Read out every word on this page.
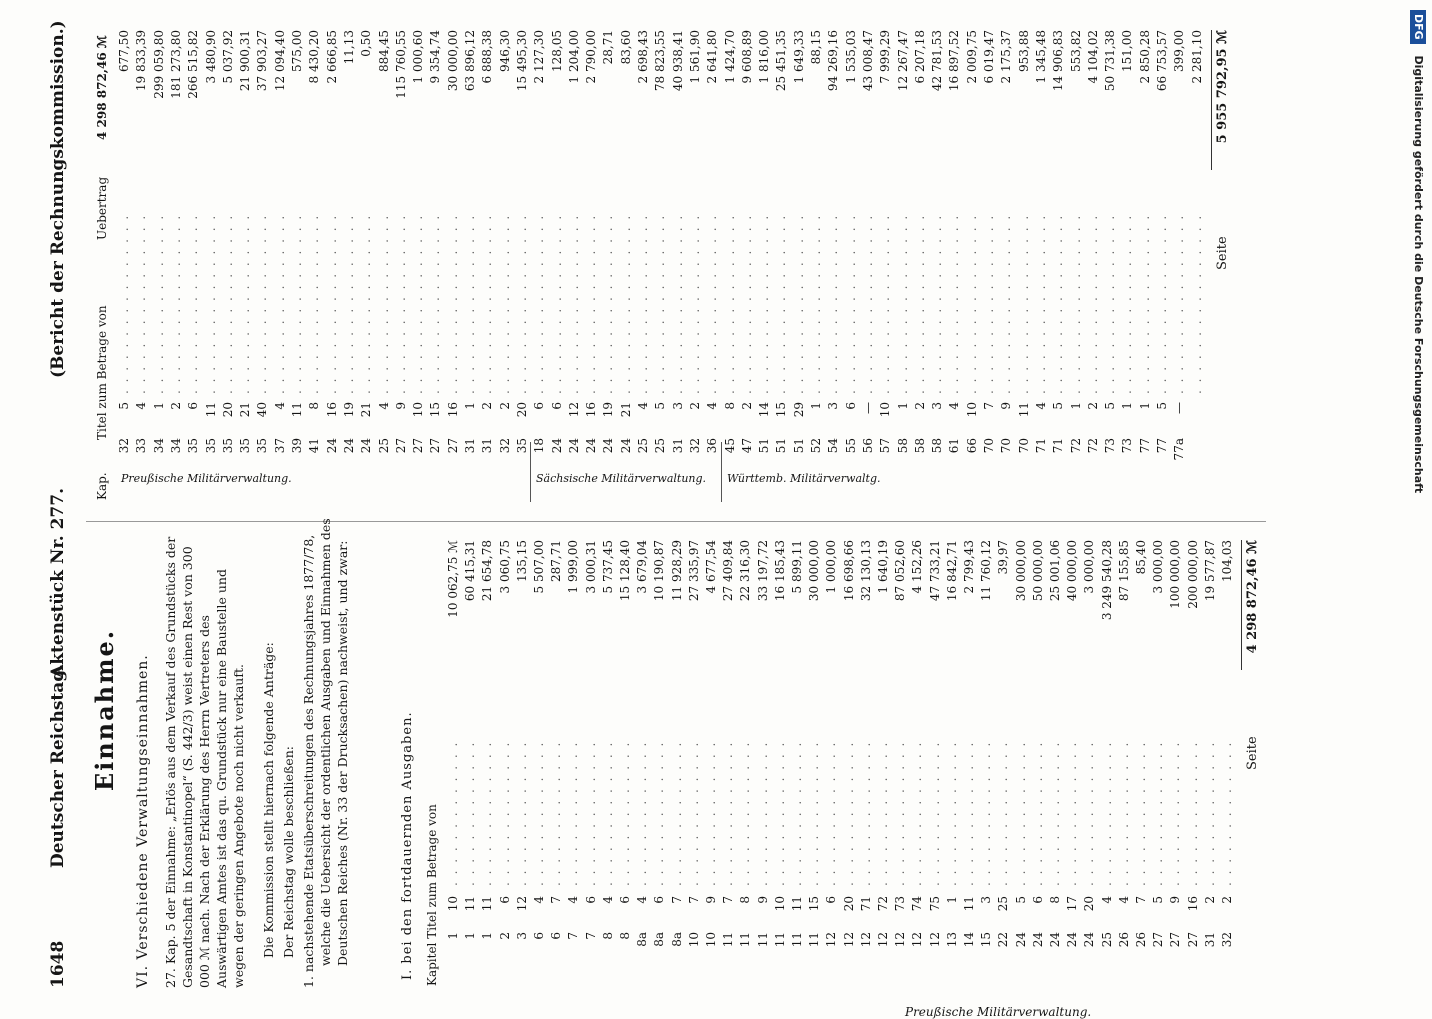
1648
Deutscher Reichstag.
Aktenstück Nr. 277.
(Bericht der Rechnungskommission.)
Einnahme. VI. Verschiedene Verwaltungseinnahmen. 27. Kap. 5 der Einnahme: „Erlös aus dem Verkauf des Grundstücks der Gesandtschaft in Konstantinopel“ (S. 442/3) weist einen Rest von 300 000 ℳ nach. Nach der Erklärung des Herrn Vertreters des Auswärtigen Amtes ist das qu. Grundstück nur eine Baustelle und wegen der geringen Angebote noch nicht verkauft. Die Kommission stellt hiernach folgende Anträge: Der Reichstag wolle beschließen: 1. nachstehende Etatsüberschreitungen des Rechnungsjahres 1877/78, welche die Uebersicht der ordentlichen Ausgaben und Einnahmen des Deutschen Reiches (Nr. 33 der Drucksachen) nachweist, und zwar:	I. bei den fortdauernden Ausgaben. Kapitel Titel zum Betrage von 1
10
. . . . . . . . . . . . .
10 062,75 ℳ
1
11
. . . . . . . . . . . . .
60 415,31
1
11
. . . . . . . . . . . . .
21 654,78
2
6
. . . . . . . . . . . . .
3 060,75
3
12
. . . . . . . . . . . . .
135,15
6
4
. . . . . . . . . . . . .
5 507,00
6
7
. . . . . . . . . . . . .
287,71
7
4
. . . . . . . . . . . . .
1 999,00
7
6
. . . . . . . . . . . . .
3 000,31
8
4
. . . . . . . . . . . . .
5 737,45
8
6
. . . . . . . . . . . . .
15 128,40
8a
4
. . . . . . . . . . . . .
3 679,04
8a
6
. . . . . . . . . . . . .
10 190,87
8a
7
. . . . . . . . . . . . .
11 928,29
10
7
. . . . . . . . . . . . .
27 335,97
10
9
. . . . . . . . . . . . .
4 677,54
11
7
. . . . . . . . . . . . .
27 409,84
11
8
. . . . . . . . . . . . .
22 316,30
11
9
. . . . . . . . . . . . .
33 197,72
11
10
. . . . . . . . . . . . .
16 185,43
11
11
. . . . . . . . . . . . .
5 899,11
11
15
. . . . . . . . . . . . .
30 000,00
12
6
. . . . . . . . . . . . .
1 000,00
12
20
. . . . . . . . . . . . .
16 698,66
12
71
. . . . . . . . . . . . .
32 130,13
12
72
. . . . . . . . . . . . .
1 640,19
12
73
. . . . . . . . . . . . .
87 052,60
12
74
. . . . . . . . . . . . .
4 152,26
12
75
. . . . . . . . . . . . .
47 733,21
13
1
. . . . . . . . . . . . .
16 842,71
14
11
. . . . . . . . . . . . .
2 799,43
15
3
. . . . . . . . . . . . .
11 760,12
22
25
. . . . . . . . . . . . .
39,97
24
5
. . . . . . . . . . . . .
30 000,00
24
6
. . . . . . . . . . . . .
50 000,00
24
8
. . . . . . . . . . . . .
25 001,06
24
17
. . . . . . . . . . . . .
40 000,00
24
20
. . . . . . . . . . . . .
3 000,00
25
4
. . . . . . . . . . . . .
3 249 540,28
26
4
. . . . . . . . . . . . .
87 155,85
26
7
. . . . . . . . . . . . .
85,40
27
5
. . . . . . . . . . . . .
3 000,00
27
9
. . . . . . . . . . . . .
100 000,00
27
16
. . . . . . . . . . . . .
200 000,00
31
2
. . . . . . . . . . . . .
19 577,87
32
2
. . . . . . . . . . . . .
104,03
Seite
4 298 872,46 ℳ
32
5
. . . . . . . . . . . . . . . .
677,50
33
4
. . . . . . . . . . . . . . . .
19 833,39
34
1
. . . . . . . . . . . . . . . .
299 059,80
34
2
. . . . . . . . . . . . . . . .
181 273,80
35
6
. . . . . . . . . . . . . . . .
266 515,82
35
11
. . . . . . . . . . . . . . . .
3 480,90
35
20
. . . . . . . . . . . . . . . .
5 037,92
35
21
. . . . . . . . . . . . . . . .
21 900,31
35
40
. . . . . . . . . . . . . . . .
37 903,27
37
4
. . . . . . . . . . . . . . . .
12 094,40
39
11
. . . . . . . . . . . . . . . .
575,00
41
8
. . . . . . . . . . . . . . . .
8 430,20
24
16
. . . . . . . . . . . . . . . .
2 666,85
24
19
. . . . . . . . . . . . . . . .
11,13
24
21
. . . . . . . . . . . . . . . .
0,50
25
4
. . . . . . . . . . . . . . . .
884,45
27
9
. . . . . . . . . . . . . . . .
115 760,55
27
10
. . . . . . . . . . . . . . . .
1 000,60
27
15
. . . . . . . . . . . . . . . .
9 354,74
27
16
. . . . . . . . . . . . . . . .
30 000,00
31
1
. . . . . . . . . . . . . . . .
63 896,12
31
2
. . . . . . . . . . . . . . . .
6 888,38
32
2
. . . . . . . . . . . . . . . .
946,30
35
20
. . . . . . . . . . . . . . . .
15 495,30
18
6
. . . . . . . . . . . . . . . .
2 127,30
24
6
. . . . . . . . . . . . . . . .
128,05
24
12
. . . . . . . . . . . . . . . .
1 204,00
24
16
. . . . . . . . . . . . . . . .
2 790,00
24
19
. . . . . . . . . . . . . . . .
28,71
24
21
. . . . . . . . . . . . . . . .
83,60
25
4
. . . . . . . . . . . . . . . .
2 698,43
25
5
. . . . . . . . . . . . . . . .
78 823,55
31
3
. . . . . . . . . . . . . . . .
40 938,41
32
2
. . . . . . . . . . . . . . . .
1 561,90
36
4
. . . . . . . . . . . . . . . .
2 641,80
45
8
. . . . . . . . . . . . . . . .
1 424,70
47
2
. . . . . . . . . . . . . . . .
9 608,89
51
14
. . . . . . . . . . . . . . . .
1 816,00
51
15
. . . . . . . . . . . . . . . .
25 451,35
51
29
. . . . . . . . . . . . . . . .
1 649,33
52
1
. . . . . . . . . . . . . . . .
88,15
54
3
. . . . . . . . . . . . . . . .
94 269,16
55
6
. . . . . . . . . . . . . . . .
1 535,03
56
—
. . . . . . . . . . . . . . . .
43 008,47
57
10
. . . . . . . . . . . . . . . .
7 999,29
58
1
. . . . . . . . . . . . . . . .
12 267,47
58
2
. . . . . . . . . . . . . . . .
6 207,18
58
3
. . . . . . . . . . . . . . . .
42 781,53
61
4
. . . . . . . . . . . . . . . .
16 897,52
66
10
. . . . . . . . . . . . . . . .
2 009,75
70
7
. . . . . . . . . . . . . . . .
6 019,47
70
9
. . . . . . . . . . . . . . . .
2 175,37
70
11
. . . . . . . . . . . . . . . .
953,88
71
4
. . . . . . . . . . . . . . . .
1 345,48
71
5
. . . . . . . . . . . . . . . .
14 906,83
72
1
. . . . . . . . . . . . . . . .
553,82
72
2
. . . . . . . . . . . . . . . .
4 104,02
73
5
. . . . . . . . . . . . . . . .
50 731,38
73
1
. . . . . . . . . . . . . . . .
151,00
77
1
. . . . . . . . . . . . . . . .
2 850,28
77
5
. . . . . . . . . . . . . . . .
66 753,57
77a
—
. . . . . . . . . . . . . . . .
399,00
. . . . . . . . . . . . . . . .
2 281,10
Preußische Militärverwaltung.	Sächsische Militärverwaltung. Württemb. Militärverwaltg.
Seite
5 955 792,95 ℳ
Preußische Militärverwaltung.
Kap.
Titel zum Betrage von
Uebertrag
4 298 872,46 ℳ
DFG Digitalisierung gefördert durch die Deutsche Forschungsgemeinschaft
